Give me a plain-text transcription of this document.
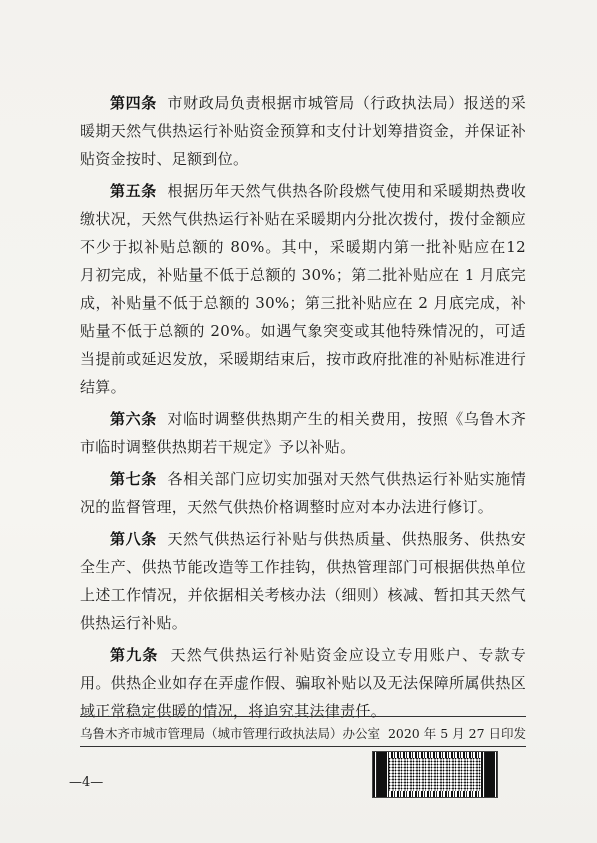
第四条 市财政局负责根据市城管局（行政执法局）报送的采暖期天然气供热运行补贴资金预算和支付计划筹措资金，并保证补贴资金按时、足额到位。

第五条 根据历年天然气供热各阶段燃气使用和采暖期热费收缴状况，天然气供热运行补贴在采暖期内分批次拨付，拨付金额应不少于拟补贴总额的 80%。其中，采暖期内第一批补贴应在12 月初完成，补贴量不低于总额的 30%；第二批补贴应在 1 月底完成，补贴量不低于总额的 30%；第三批补贴应在 2 月底完成，补贴量不低于总额的 20%。如遇气象突变或其他特殊情况的，可适当提前或延迟发放，采暖期结束后，按市政府批准的补贴标准进行结算。

第六条 对临时调整供热期产生的相关费用，按照《乌鲁木齐市临时调整供热期若干规定》予以补贴。

第七条 各相关部门应切实加强对天然气供热运行补贴实施情况的监督管理，天然气供热价格调整时应对本办法进行修订。

第八条 天然气供热运行补贴与供热质量、供热服务、供热安全生产、供热节能改造等工作挂钩，供热管理部门可根据供热单位上述工作情况，并依据相关考核办法（细则）核减、暂扣其天然气供热运行补贴。

第九条 天然气供热运行补贴资金应设立专用账户、专款专用。供热企业如存在弄虚作假、骗取补贴以及无法保障所属供热区域正常稳定供暖的情况，将追究其法律责任。

乌鲁木齐市城市管理局（城市管理行政执法局）办公室 2020 年 5 月 27 日印发
—4—
